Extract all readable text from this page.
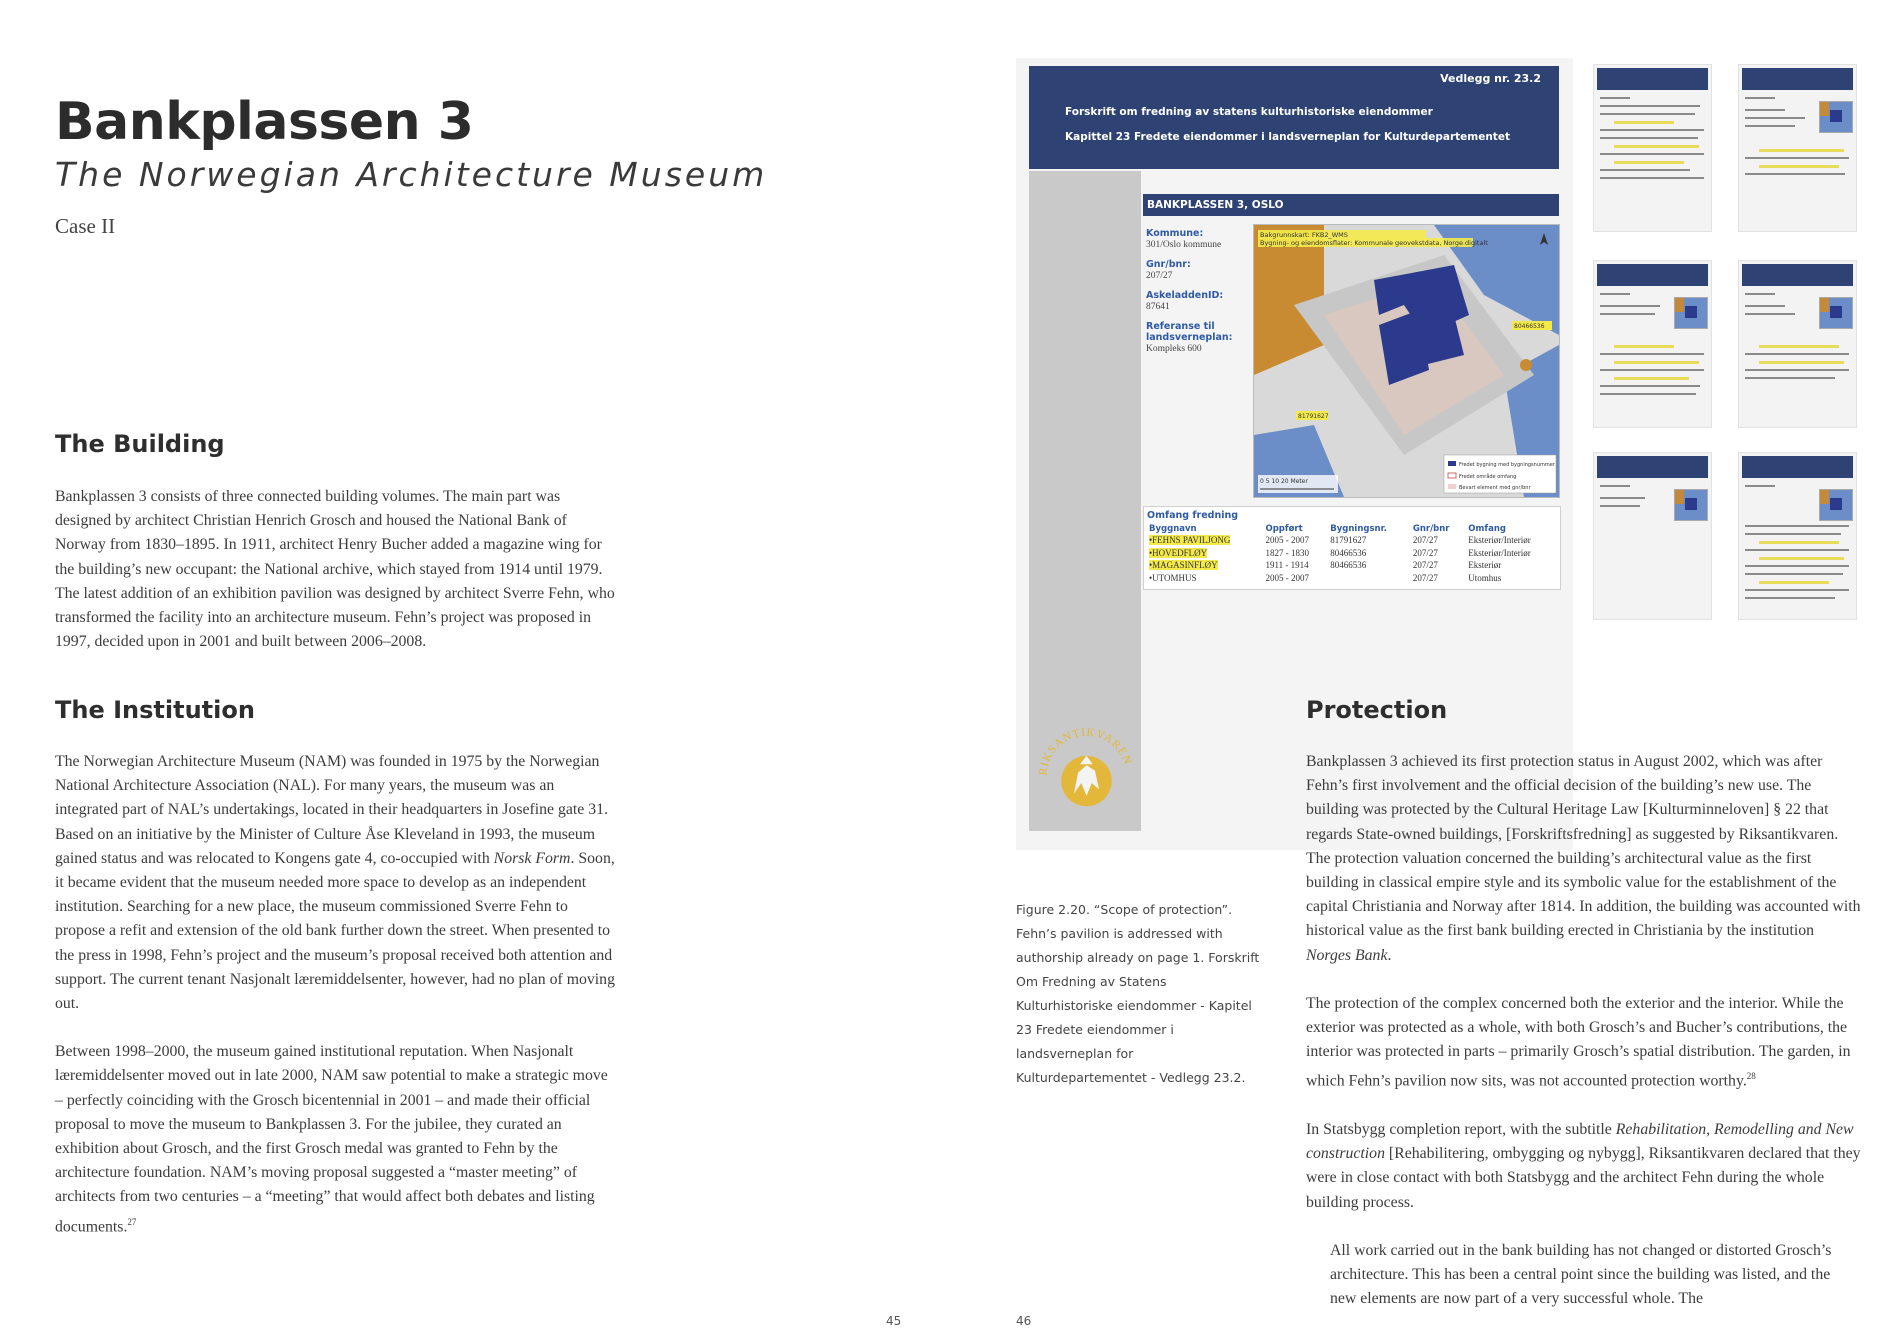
Bankplassen 3
The Norwegian Architecture Museum
Case II
The Building

Bankplassen 3 consists of three connected building volumes. The main part was designed by architect Christian Henrich Grosch and housed the National Bank of Norway from 1830–1895. In 1911, architect Henry Bucher added a magazine wing for the building’s new occupant: the National archive, which stayed from 1914 until 1979. The latest addition of an exhibition pavilion was designed by architect Sverre Fehn, who transformed the facility into an architecture museum. Fehn’s project was proposed in 1997, decided upon in 2001 and built between 2006–2008.

The Institution

The Norwegian Architecture Museum (NAM) was founded in 1975 by the Norwegian National Architecture Association (NAL). For many years, the museum was an integrated part of NAL’s undertakings, located in their headquarters in Josefine gate 31. Based on an initiative by the Minister of Culture Åse Kleveland in 1993, the museum gained status and was relocated to Kongens gate 4, co-occupied with Norsk Form. Soon, it became evident that the museum needed more space to develop as an independent institution. Searching for a new place, the museum commissioned Sverre Fehn to propose a refit and extension of the old bank further down the street. When presented to the press in 1998, Fehn’s project and the museum’s proposal received both attention and support. The current tenant Nasjonalt læremiddelsenter, however, had no plan of moving out.

Between 1998–2000, the museum gained institutional reputation. When Nasjonalt læremiddelsenter moved out in late 2000, NAM saw potential to make a strategic move – perfectly coinciding with the Grosch bicentennial in 2001 – and made their official proposal to move the museum to Bankplassen 3. For the jubilee, they curated an exhibition about Grosch, and the first Grosch medal was granted to Fehn by the architecture foundation. NAM’s moving proposal suggested a “master meeting” of architects from two centuries – a “meeting” that would affect both debates and listing documents.$^{27}$

45
Vedlegg nr. 23.2
Forskrift om fredning av statens kulturhistoriske eiendommer
Kapittel 23 Fredete eiendommer i landsverneplan for Kulturdepartementet
RIKSANTIKVAREN
BANKPLASSEN 3, OSLO
Kommune:
301/Oslo kommune
Gnr/bnr:
207/27
AskeladdenID:
87641
Referanse til landsverneplan:
Kompleks 600
Bakgrunnskart: FKB2_WMS
Bygning- og eiendomsflater: Kommunale geovekstdata, Norge digitalt
80466536
81791627
Fredet bygning med bygningsnummer
Fredet område omfang
Bevart element med gnr/bnr
0 5 10 20 Meter
Omfang fredning
Byggnavn	Oppført	Bygningsnr.	Gnr/bnr	Omfang
•FEHNS PAVILJONG	2005 - 2007	81791627	207/27	Eksteriør/Interiør
•HOVEDFLØY	1827 - 1830	80466536	207/27	Eksteriør/Interiør
•MAGASINFLØY	1911 - 1914	80466536	207/27	Eksteriør
•UTOMHUS	2005 - 2007		207/27	Utomhus
Figure 2.20. “Scope of protection”. Fehn’s pavilion is addressed with authorship already on page 1. Forskrift Om Fredning av Statens Kulturhistoriske eiendommer - Kapitel 23 Fredete eiendommer i landsverneplan for Kulturdepartementet - Vedlegg 23.2.
Protection

Bankplassen 3 achieved its first protection status in August 2002, which was after Fehn’s first involvement and the official decision of the building’s new use. The building was protected by the Cultural Heritage Law [Kulturminneloven] § 22 that regards State-owned buildings, [Forskriftsfredning] as suggested by Riksantikvaren. The protection valuation concerned the building’s architectural value as the first building in classical empire style and its symbolic value for the establishment of the capital Christiania and Norway after 1814. In addition, the building was accounted with historical value as the first bank building erected in Christiania by the institution Norges Bank.

The protection of the complex concerned both the exterior and the interior. While the exterior was protected as a whole, with both Grosch’s and Bucher’s contributions, the interior was protected in parts – primarily Grosch’s spatial distribution. The garden, in which Fehn’s pavilion now sits, was not accounted protection worthy.$^{28}$

In Statsbygg completion report, with the subtitle Rehabilitation, Remodelling and New construction [Rehabilitering, ombygging og nybygg], Riksantikvaren declared that they were in close contact with both Statsbygg and the architect Fehn during the whole building process.

All work carried out in the bank building has not changed or distorted Grosch’s architecture. This has been a central point since the building was listed, and the new elements are now part of a very successful whole. The

46
